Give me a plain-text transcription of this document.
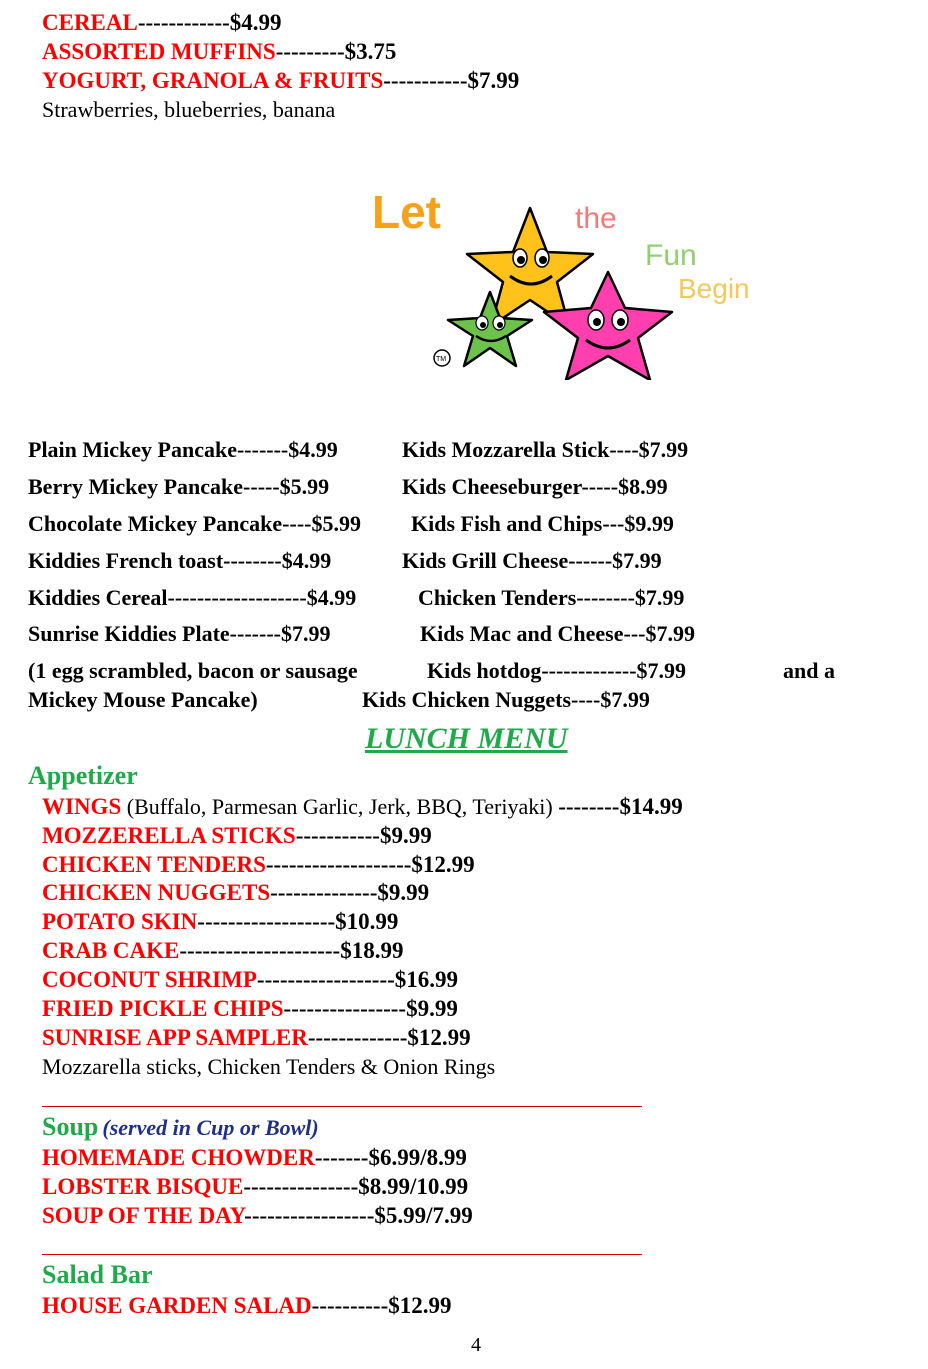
CEREAL------------$4.99
ASSORTED MUFFINS---------$3.75
YOGURT, GRANOLA & FRUITS-----------$7.99
Strawberries, blueberries, banana
Let	the
Fun
Begin
TM
Plain Mickey Pancake-------$4.99	Kids Mozzarella Stick----$7.99
Berry Mickey Pancake-----$5.99	Kids Cheeseburger-----$8.99
Chocolate Mickey Pancake----$5.99 Kids Fish and Chips---$9.99
Kiddies French toast--------$4.99	Kids Grill Cheese------$7.99
Kiddies Cereal-------------------$4.99	Chicken Tenders--------$7.99
Sunrise Kiddies Plate-------$7.99	Kids Mac and Cheese---$7.99
(1 egg scrambled, bacon or sausage	Kids hotdog-------------$7.99	and a
Mickey Mouse Pancake)	Kids Chicken Nuggets----$7.99
LUNCH MENU
Appetizer
WINGS (Buffalo, Parmesan Garlic, Jerk, BBQ, Teriyaki) --------$14.99
MOZZERELLA STICKS-----------$9.99
CHICKEN TENDERS-------------------$12.99
CHICKEN NUGGETS--------------$9.99
POTATO SKIN------------------$10.99
CRAB CAKE---------------------$18.99
COCONUT SHRIMP------------------$16.99
FRIED PICKLE CHIPS----------------$9.99
SUNRISE APP SAMPLER-------------$12.99
Mozzarella sticks, Chicken Tenders & Onion Rings
Soup (served in Cup or Bowl)
HOMEMADE CHOWDER-------$6.99/8.99
LOBSTER BISQUE---------------$8.99/10.99
SOUP OF THE DAY-----------------$5.99/7.99
Salad Bar
HOUSE GARDEN SALAD----------$12.99
4
